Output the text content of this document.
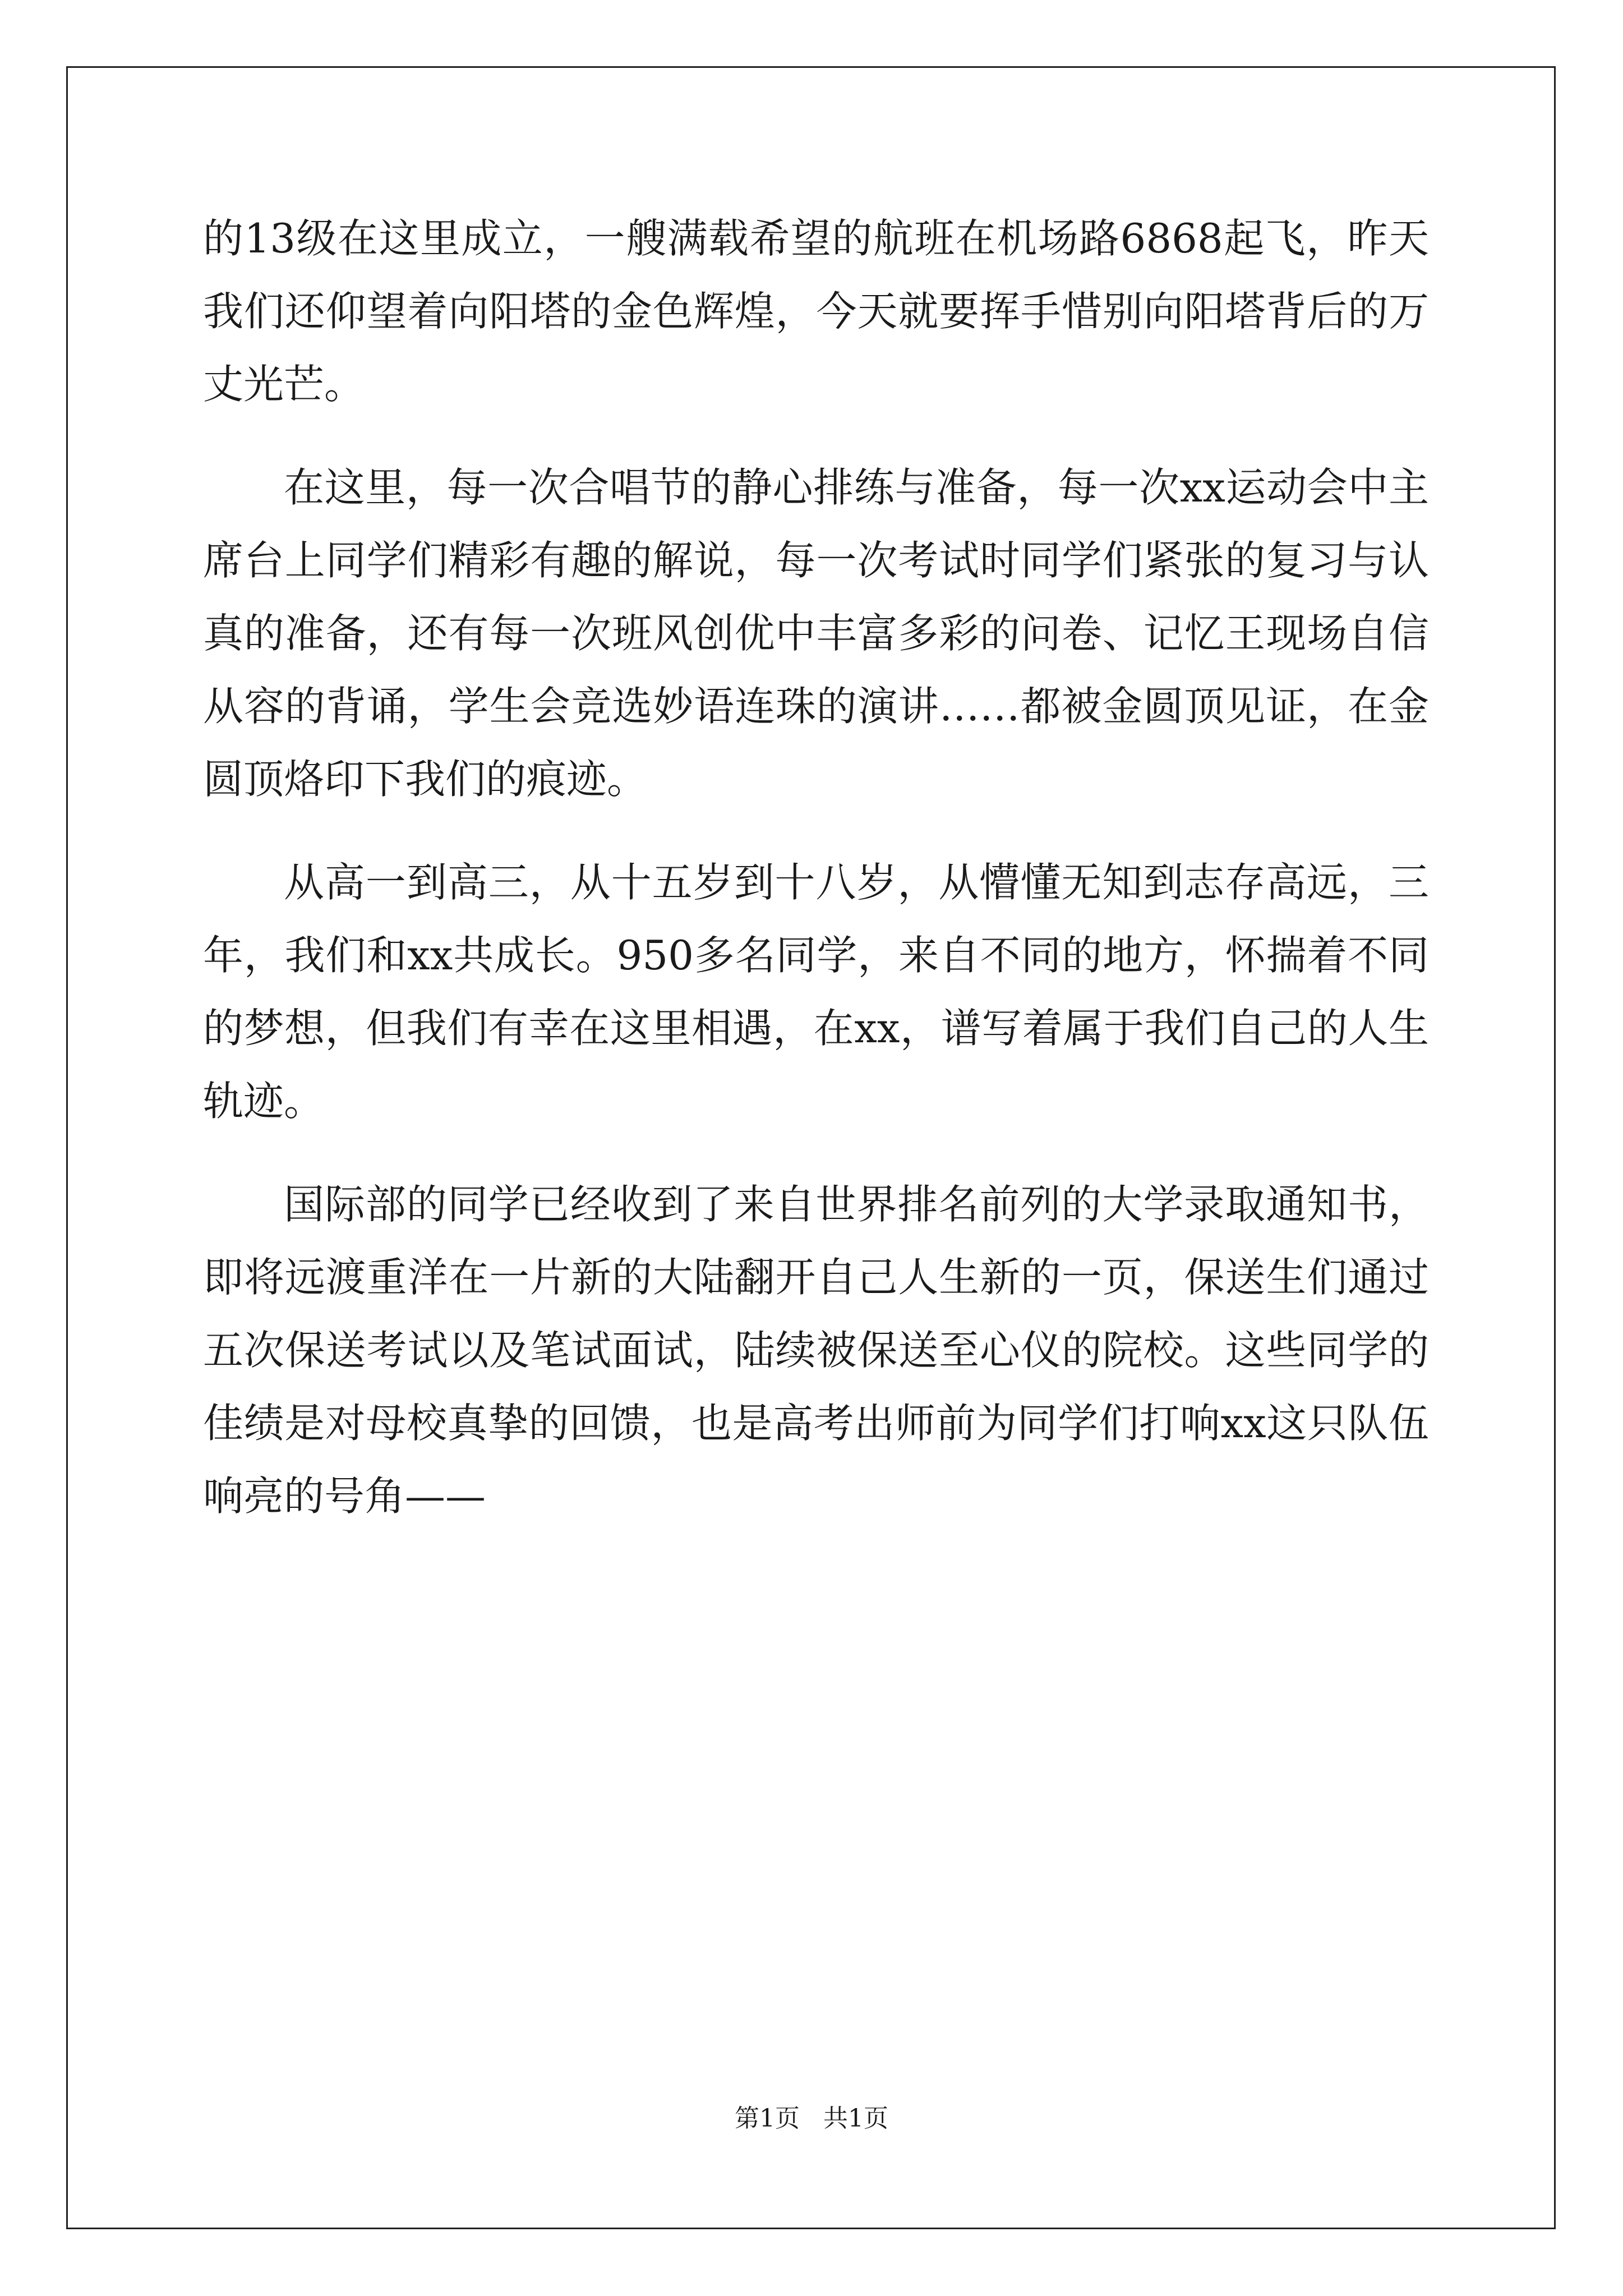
的13级在这里成立，一艘满载希望的航班在机场路6868起飞，昨天我们还仰望着向阳塔的金色辉煌，今天就要挥手惜别向阳塔背后的万丈光芒。

在这里，每一次合唱节的静心排练与准备，每一次xx运动会中主席台上同学们精彩有趣的解说，每一次考试时同学们紧张的复习与认真的准备，还有每一次班风创优中丰富多彩的问卷、记忆王现场自信从容的背诵，学生会竞选妙语连珠的演讲……都被金圆顶见证，在金圆顶烙印下我们的痕迹。

从高一到高三，从十五岁到十八岁，从懵懂无知到志存高远，三年，我们和xx共成长。950多名同学，来自不同的地方，怀揣着不同的梦想，但我们有幸在这里相遇，在xx，谱写着属于我们自己的人生轨迹。

国际部的同学已经收到了来自世界排名前列的大学录取通知书，即将远渡重洋在一片新的大陆翻开自己人生新的一页，保送生们通过五次保送考试以及笔试面试，陆续被保送至心仪的院校。这些同学的佳绩是对母校真挚的回馈，也是高考出师前为同学们打响xx这只队伍响亮的号角——

第1页 共1页
